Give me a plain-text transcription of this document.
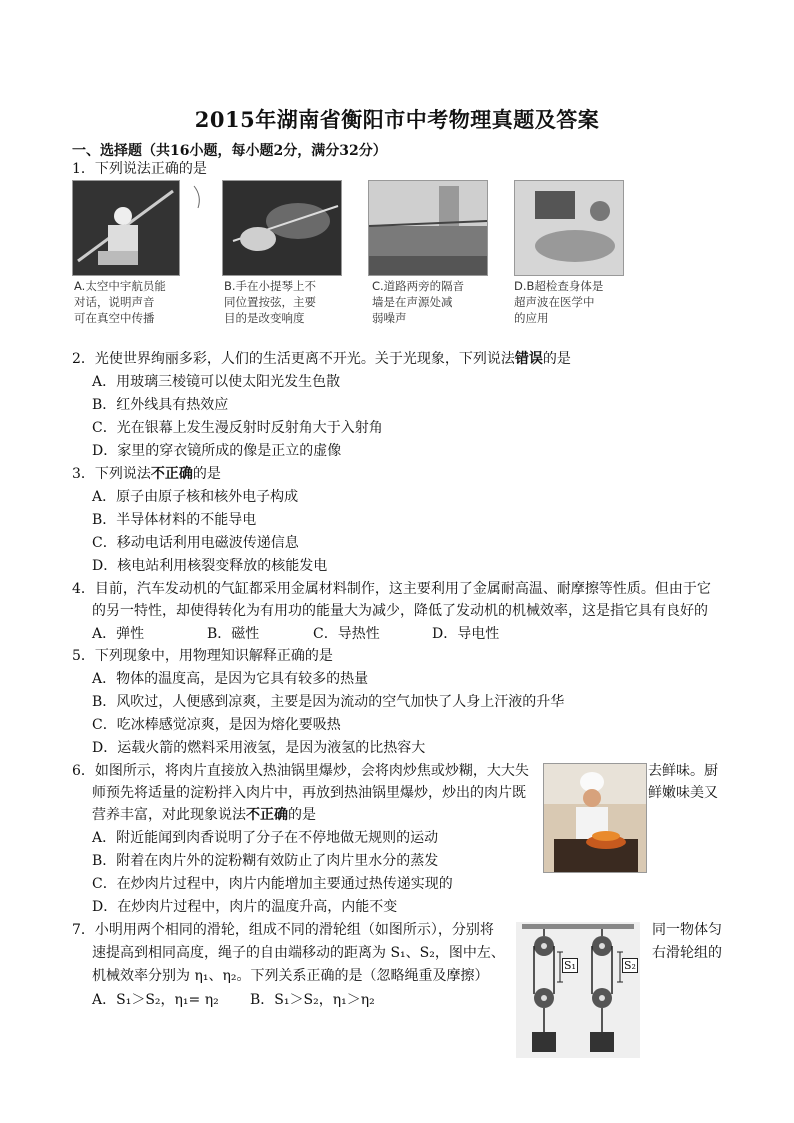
2015年湖南省衡阳市中考物理真题及答案
一、选择题（共16小题，每小题2分，满分32分）
1．下列说法正确的是
A.太空中宇航员能
对话，说明声音
可在真空中传播
B.手在小提琴上不
同位置按弦，主要
目的是改变响度
C.道路两旁的隔音
墙是在声源处减
弱噪声
D.B超检查身体是
超声波在医学中
的应用
2．光使世界绚丽多彩，人们的生活更离不开光。关于光现象，下列说法错误的是
A．用玻璃三棱镜可以使太阳光发生色散
B．红外线具有热效应
C．光在银幕上发生漫反射时反射角大于入射角
D．家里的穿衣镜所成的像是正立的虚像
3．下列说法不正确的是
A．原子由原子核和核外电子构成
B．半导体材料的不能导电
C．移动电话利用电磁波传递信息
D．核电站利用核裂变释放的核能发电
4．目前，汽车发动机的气缸都采用金属材料制作，这主要利用了金属耐高温、耐摩擦等性质。但由于它
的另一特性，却使得转化为有用功的能量大为减少，降低了发动机的机械效率，这是指它具有良好的
A．弹性	B．磁性	C．导热性	D．导电性
5．下列现象中，用物理知识解释正确的是
A．物体的温度高，是因为它具有较多的热量
B．风吹过，人便感到凉爽，主要是因为流动的空气加快了人身上汗液的升华
C．吃冰棒感觉凉爽，是因为熔化要吸热
D．运载火箭的燃料采用液氢，是因为液氢的比热容大
6．如图所示，将肉片直接放入热油锅里爆炒，会将肉炒焦或炒糊，大大失	去鲜味。厨
师预先将适量的淀粉拌入肉片中，再放到热油锅里爆炒，炒出的肉片既	鲜嫩味美又
营养丰富，对此现象说法不正确的是
A．附近能闻到肉香说明了分子在不停地做无规则的运动
B．附着在肉片外的淀粉糊有效防止了肉片里水分的蒸发
C．在炒肉片过程中，肉片内能增加主要通过热传递实现的
D．在炒肉片过程中，肉片的温度升高，内能不变
7．小明用两个相同的滑轮，组成不同的滑轮组（如图所示），分别将	同一物体匀
速提高到相同高度，绳子的自由端移动的距离为 S₁、S₂，图中左、	右滑轮组的
机械效率分别为 η₁、η₂。下列关系正确的是（忽略绳重及摩擦）
A．S₁＞S₂，η₁= η₂ B．S₁＞S₂，η₁＞η₂
S₁	S₂
